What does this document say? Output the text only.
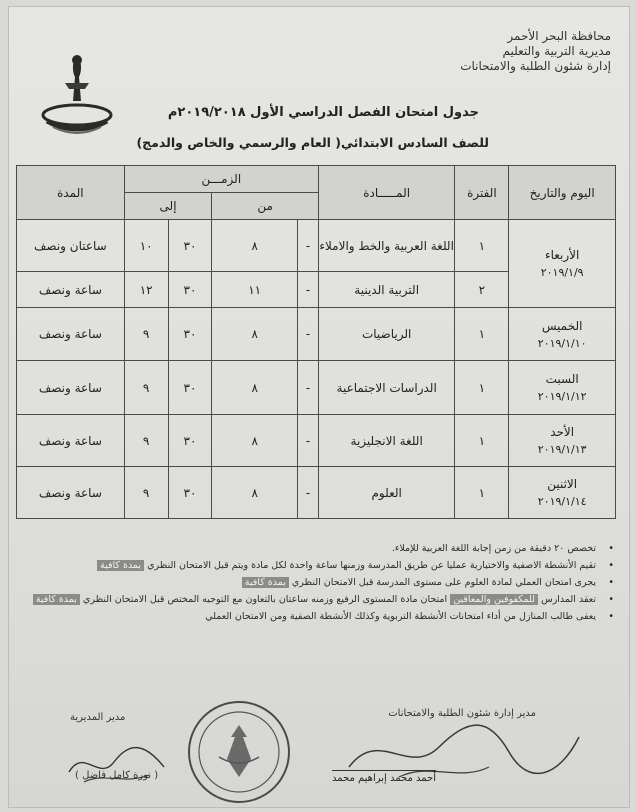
محافظة البحر الأحمر
مديرية التربية والتعليم
إدارة شئون الطلبة والامتحانات
جدول امتحان الفصل الدراسي الأول ٢٠١٩/٢٠١٨م
للصف السادس الابتدائي( العام والرسمي والخاص والدمج)
اليوم والتاريخ	الفترة	المـــــادة	الزمـــن				المدة
			من		إلى		
الأربعاء
٢٠١٩/١/٩	١	اللغة العربية والخط والاملاء	-	٨	٣٠	١٠	ساعتان ونصف
	٢	التربية الدينية	-	١١	٣٠	١٢	ساعة ونصف
الخميس
٢٠١٩/١/١٠	١	الرياضيات	-	٨	٣٠	٩	ساعة ونصف
السبت
٢٠١٩/١/١٢	١	الدراسات الاجتماعية	-	٨	٣٠	٩	ساعة ونصف
الأحد
٢٠١٩/١/١٣	١	اللغة الانجليزية	-	٨	٣٠	٩	ساعة ونصف
الاثنين
٢٠١٩/١/١٤	١	العلوم	-	٨	٣٠	٩	ساعة ونصف
• تخصص ٢٠ دقيقة من زمن إجابة اللغة العربية للإملاء.
• تقيم الأنشطة الاصفية والاختيارية عمليا عن طريق المدرسة وزمنها ساعة واحدة لكل مادة ويتم قبل الامتحان النظري بمدة كافية
• يجرى امتحان العملي لمادة العلوم على مستوى المدرسة قبل الامتحان النظري بمدة كافية
• تعقد المدارس للمكفوفين والمعاقين امتحان مادة المستوى الرفيع وزمنه ساعتان بالتعاون مع التوجيه المختص قبل الامتحان النظري بمدة كافية
• يعفى طالب المنازل من أداء امتحانات الأنشطة التربوية وكذلك الأنشطة الصفية ومن الامتحان العملي
مدير إدارة شئون الطلبة والامتحانات
أحمد محمد إبراهيم محمد
مدير المديرية
( نورة كامل فاضل )
